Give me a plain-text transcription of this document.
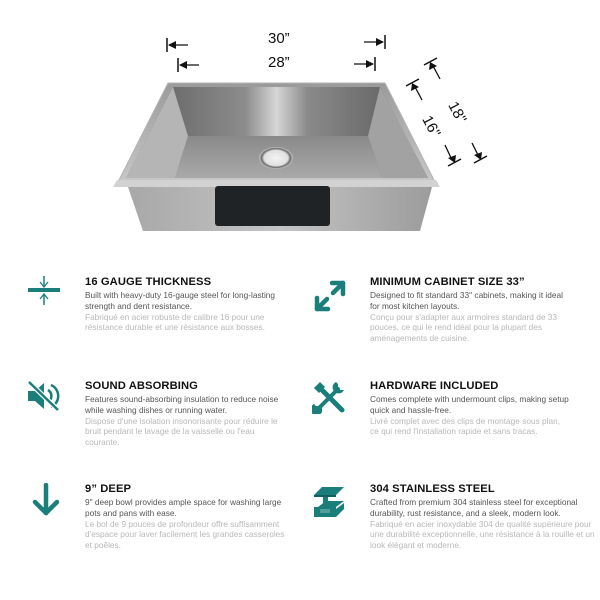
30”
28”
18"
16"

16 GAUGE THICKNESS

Built with heavy-duty 16-gauge steel for long-lasting strength and dent resistance.

Fabriqué en acier robuste de calibre 16 pour une résistance durable et une résistance aux bosses.

MINIMUM CABINET SIZE 33”

Designed to fit standard 33" cabinets, making it ideal for most kitchen layouts.

Conçu pour s'adapter aux armoires standard de 33 pouces, ce qui le rend idéal pour la plupart des aménagements de cuisine.

SOUND ABSORBING

Features sound-absorbing insulation to reduce noise while washing dishes or running water.

Dispose d'une isolation insonorisante pour réduire le bruit pendant le lavage de la vaisselle ou l'eau courante.

HARDWARE INCLUDED

Comes complete with undermount clips, making setup quick and hassle-free.

Livré complet avec des clips de montage sous plan, ce qui rend l'installation rapide et sans tracas.

9” DEEP

9" deep bowl provides ample space for washing large pots and pans with ease.

Le bol de 9 pouces de profondeur offre suffisamment d'espace pour laver facilement les grandes casseroles et poêles.

304 STAINLESS STEEL

Crafted from premium 304 stainless steel for exceptional durability, rust resistance, and a sleek, modern look.

Fabriqué en acier inoxydable 304 de qualité supérieure pour une durabilité exceptionnelle, une résistance à la rouille et un look élégant et moderne.
